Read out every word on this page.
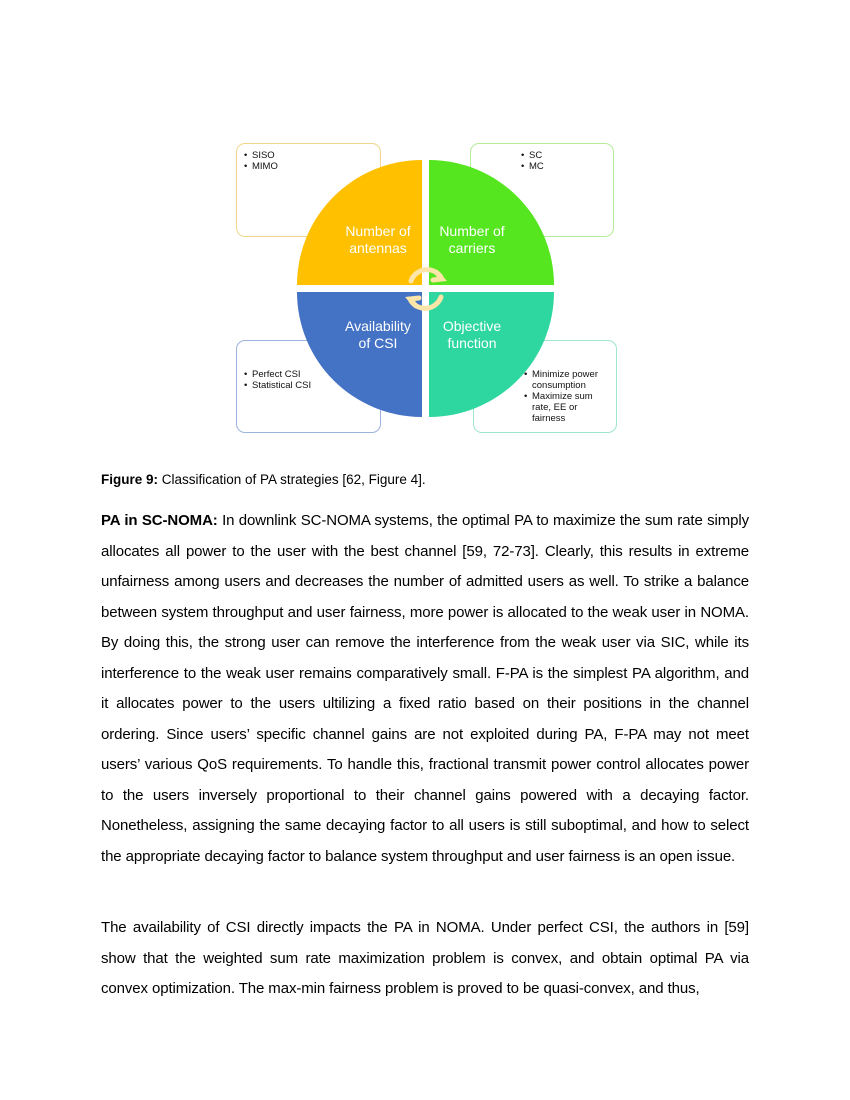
• SISO
• MIMO
• SC
• MC
• Perfect CSI
• Statistical CSI
• Minimize power consumption
• Maximize sum rate, EE or fairness
Number of
antennas
Number of
carriers
Availability
of CSI
Objective
function
Figure 9: Classification of PA strategies [62, Figure 4].
PA in SC-NOMA: In downlink SC-NOMA systems, the optimal PA to maximize the sum rate simply allocates all power to the user with the best channel [59, 72-73]. Clearly, this results in extreme unfairness among users and decreases the number of admitted users as well. To strike a balance between system throughput and user fairness, more power is allocated to the weak user in NOMA. By doing this, the strong user can remove the interference from the weak user via SIC, while its interference to the weak user remains comparatively small. F-PA is the simplest PA algorithm, and it allocates power to the users ultilizing a fixed ratio based on their positions in the channel ordering. Since users’ specific channel gains are not exploited during PA, F-PA may not meet users’ various QoS requirements. To handle this, fractional transmit power control allocates power to the users inversely proportional to their channel gains powered with a decaying factor. Nonetheless, assigning the same decaying factor to all users is still suboptimal, and how to select the appropriate decaying factor to balance system throughput and user fairness is an open issue.
The availability of CSI directly impacts the PA in NOMA. Under perfect CSI, the authors in [59] show that the weighted sum rate maximization problem is convex, and obtain optimal PA via convex optimization. The max-min fairness problem is proved to be quasi-convex, and thus,
